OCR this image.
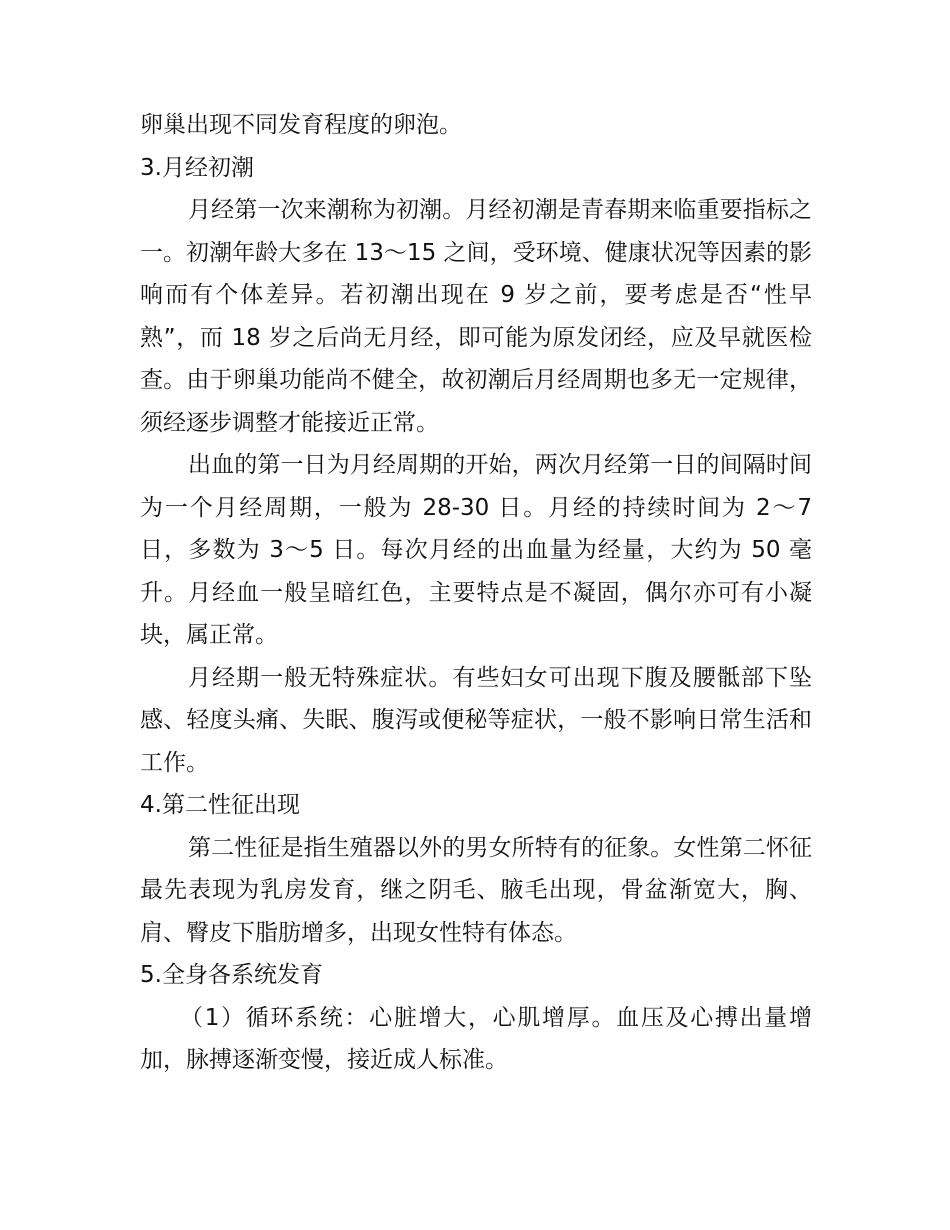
卵巢出现不同发育程度的卵泡。

3.月经初潮

月经第一次来潮称为初潮。月经初潮是青春期来临重要指标之一。初潮年龄大多在 13～15 之间，受环境、健康状况等因素的影响而有个体差异。若初潮出现在 9 岁之前，要考虑是否“性早熟”，而 18 岁之后尚无月经，即可能为原发闭经，应及早就医检查。由于卵巢功能尚不健全，故初潮后月经周期也多无一定规律，须经逐步调整才能接近正常。

出血的第一日为月经周期的开始，两次月经第一日的间隔时间为一个月经周期，一般为 28-30 日。月经的持续时间为 2～7 日，多数为 3～5 日。每次月经的出血量为经量，大约为 50 毫升。月经血一般呈暗红色，主要特点是不凝固，偶尔亦可有小凝块，属正常。

月经期一般无特殊症状。有些妇女可出现下腹及腰骶部下坠感、轻度头痛、失眠、腹泻或便秘等症状，一般不影响日常生活和工作。

4.第二性征出现

第二性征是指生殖器以外的男女所特有的征象。女性第二怀征最先表现为乳房发育，继之阴毛、腋毛出现，骨盆渐宽大，胸、肩、臀皮下脂肪增多，出现女性特有体态。

5.全身各系统发育

（1）循环系统：心脏增大，心肌增厚。血压及心搏出量增加，脉搏逐渐变慢，接近成人标准。
